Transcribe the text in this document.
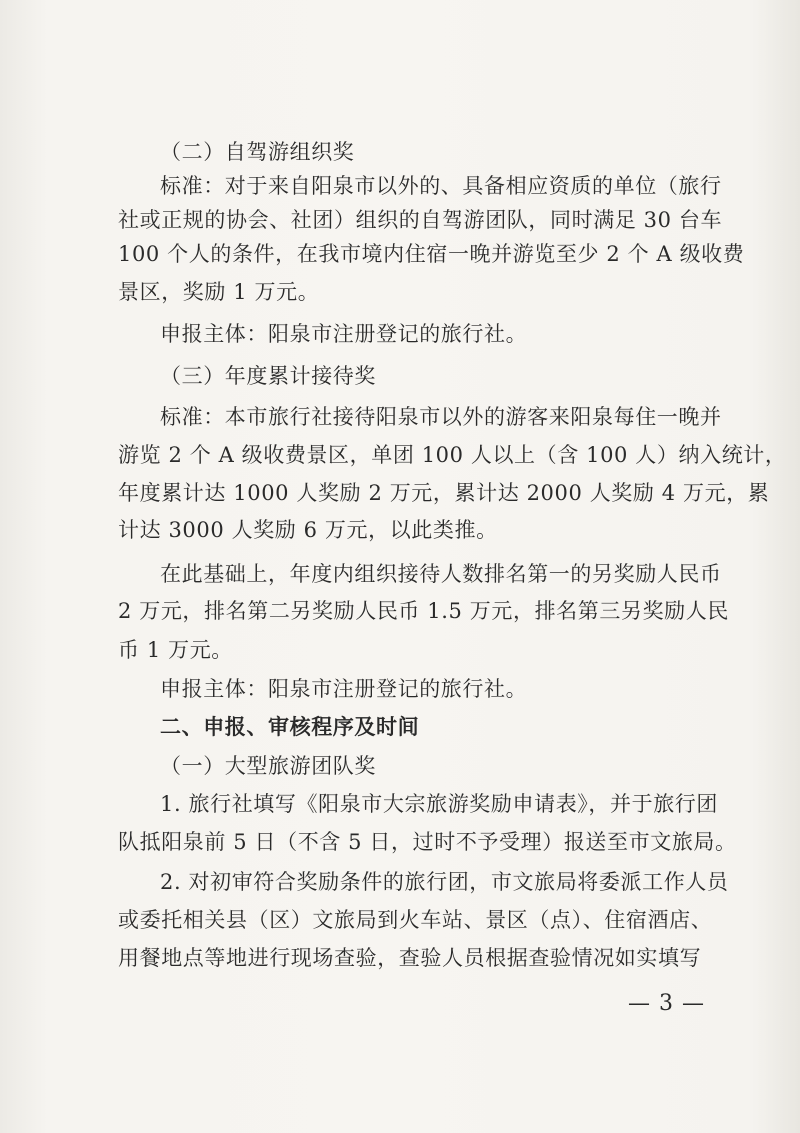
（二）自驾游组织奖
标准：对于来自阳泉市以外的、具备相应资质的单位（旅行
社或正规的协会、社团）组织的自驾游团队，同时满足 30 台车
100 个人的条件，在我市境内住宿一晚并游览至少 2 个 A 级收费
景区，奖励 1 万元。
申报主体：阳泉市注册登记的旅行社。
（三）年度累计接待奖
标准：本市旅行社接待阳泉市以外的游客来阳泉每住一晚并
游览 2 个 A 级收费景区，单团 100 人以上（含 100 人）纳入统计，
年度累计达 1000 人奖励 2 万元，累计达 2000 人奖励 4 万元，累
计达 3000 人奖励 6 万元，以此类推。
在此基础上，年度内组织接待人数排名第一的另奖励人民币
2 万元，排名第二另奖励人民币 1.5 万元，排名第三另奖励人民
币 1 万元。
申报主体：阳泉市注册登记的旅行社。
二、申报、审核程序及时间
（一）大型旅游团队奖
1. 旅行社填写《阳泉市大宗旅游奖励申请表》，并于旅行团
队抵阳泉前 5 日（不含 5 日，过时不予受理）报送至市文旅局。
2. 对初审符合奖励条件的旅行团，市文旅局将委派工作人员
或委托相关县（区）文旅局到火车站、景区（点）、住宿酒店、
用餐地点等地进行现场查验，查验人员根据查验情况如实填写
— 3 —
